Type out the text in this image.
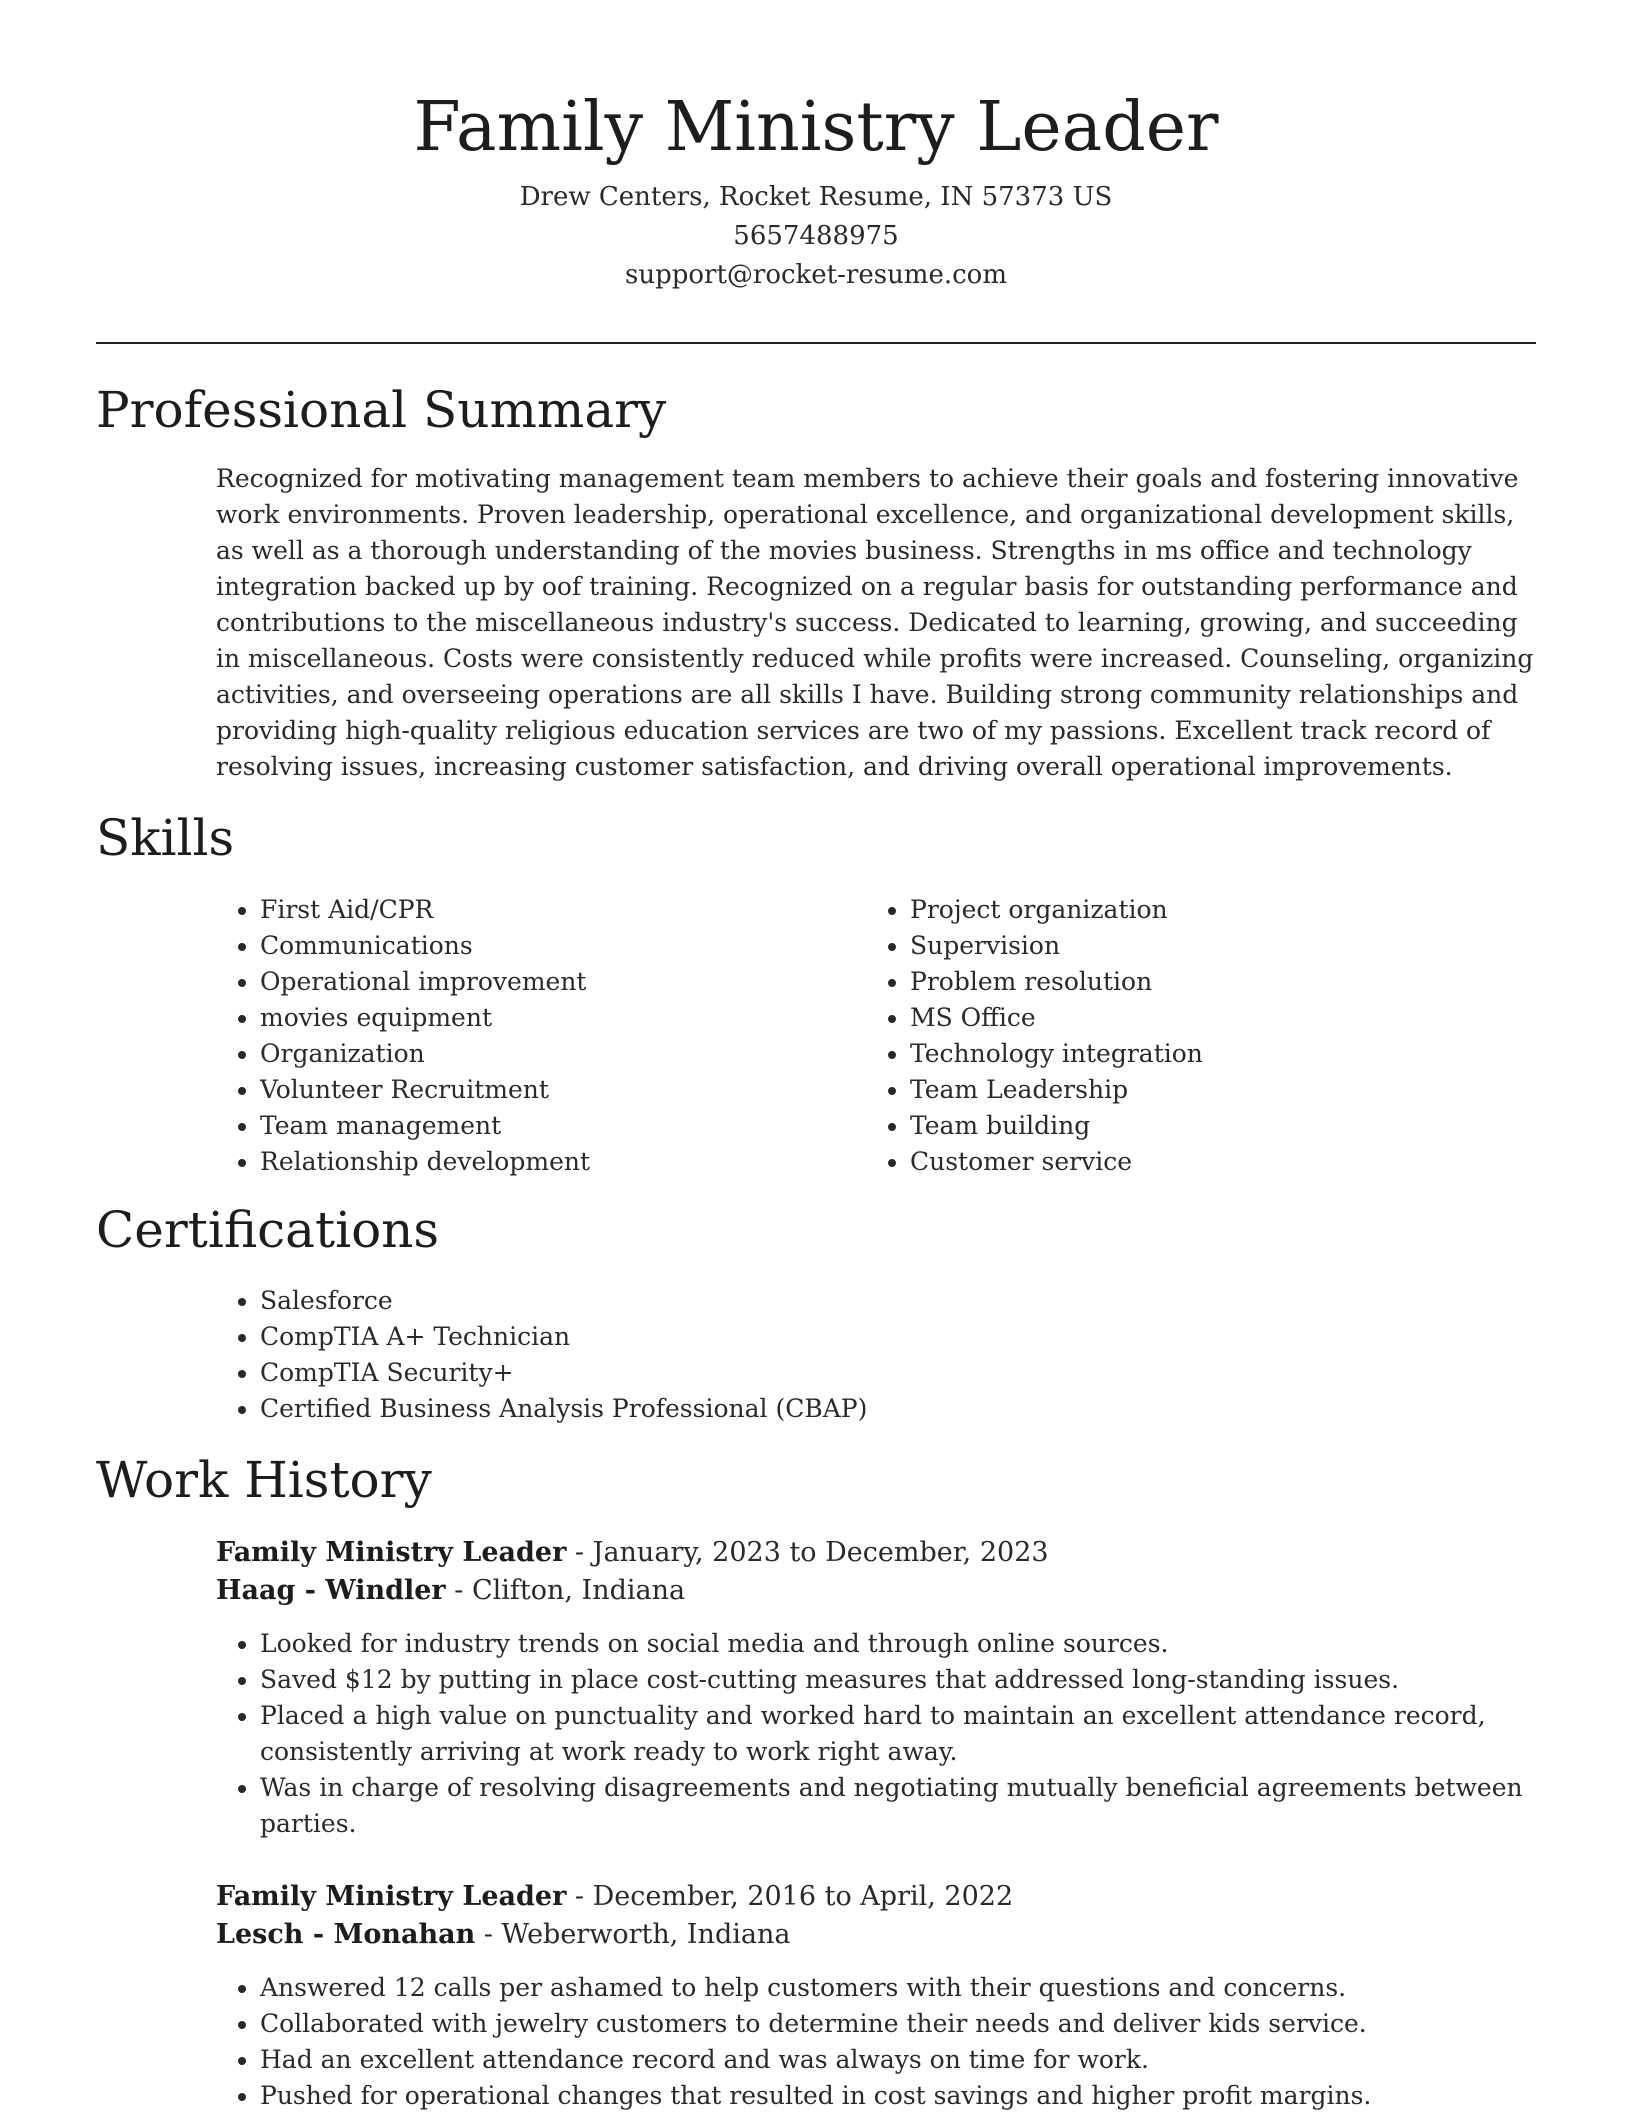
Family Ministry Leader
Drew Centers, Rocket Resume, IN 57373 US
5657488975
support@rocket-resume.com
Professional Summary

Recognized for motivating management team members to achieve their goals and fostering innovative work environments. Proven leadership, operational excellence, and organizational development skills, as well as a thorough understanding of the movies business. Strengths in ms office and technology integration backed up by oof training. Recognized on a regular basis for outstanding performance and contributions to the miscellaneous industry's success. Dedicated to learning, growing, and succeeding in miscellaneous. Costs were consistently reduced while profits were increased. Counseling, organizing activities, and overseeing operations are all skills I have. Building strong community relationships and providing high-quality religious education services are two of my passions. Excellent track record of resolving issues, increasing customer satisfaction, and driving overall operational improvements.

Skills
• First Aid/CPR
• Communications
• Operational improvement
• movies equipment
• Organization
• Volunteer Recruitment
• Team management
• Relationship development
• Project organization
• Supervision
• Problem resolution
• MS Office
• Technology integration
• Team Leadership
• Team building
• Customer service
Certifications
• Salesforce
• CompTIA A+ Technician
• CompTIA Security+
• Certified Business Analysis Professional (CBAP)
Work History
Family Ministry Leader - January, 2023 to December, 2023
Haag - Windler - Clifton, Indiana
• Looked for industry trends on social media and through online sources.
• Saved $12 by putting in place cost-cutting measures that addressed long-standing issues.
• Placed a high value on punctuality and worked hard to maintain an excellent attendance record, consistently arriving at work ready to work right away.
• Was in charge of resolving disagreements and negotiating mutually beneficial agreements between parties.
Family Ministry Leader - December, 2016 to April, 2022
Lesch - Monahan - Weberworth, Indiana
• Answered 12 calls per ashamed to help customers with their questions and concerns.
• Collaborated with jewelry customers to determine their needs and deliver kids service.
• Had an excellent attendance record and was always on time for work.
• Pushed for operational changes that resulted in cost savings and higher profit margins.
